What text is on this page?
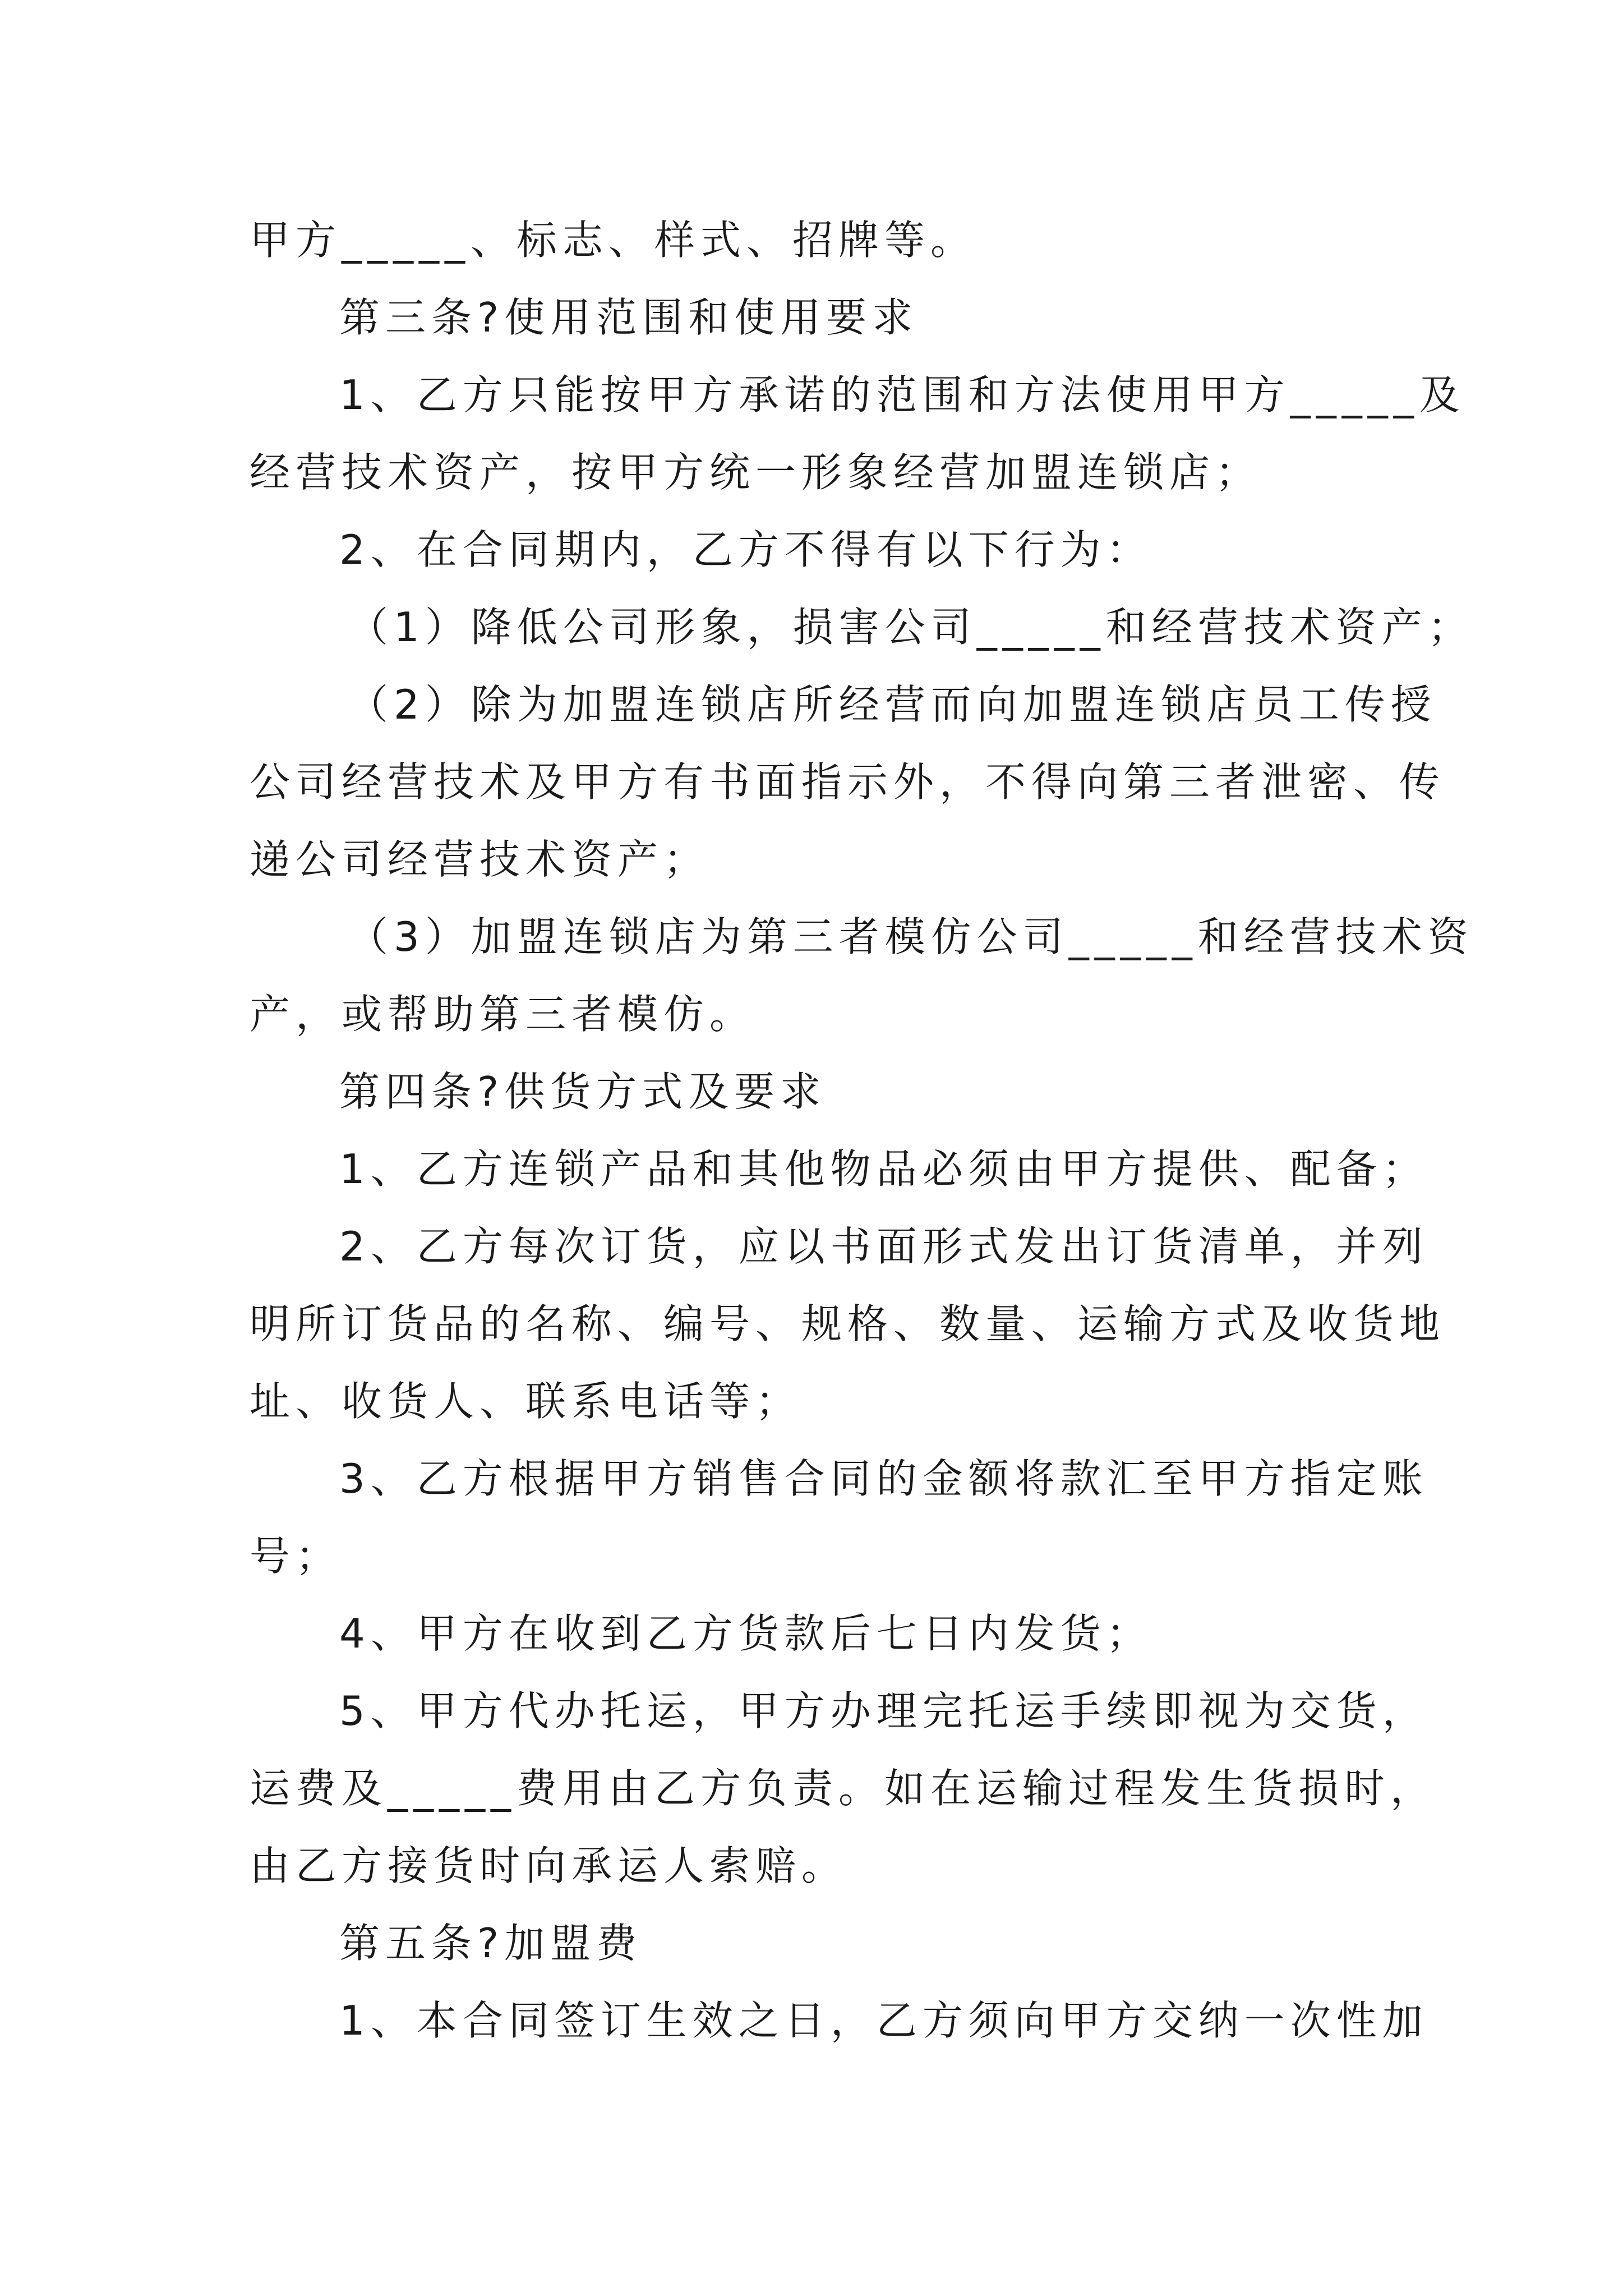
甲方_____、标志、样式、招牌等。
第三条?使用范围和使用要求
1、乙方只能按甲方承诺的范围和方法使用甲方_____及
经营技术资产，按甲方统一形象经营加盟连锁店；
2、在合同期内，乙方不得有以下行为：
（1）降低公司形象，损害公司_____和经营技术资产；
（2）除为加盟连锁店所经营而向加盟连锁店员工传授
公司经营技术及甲方有书面指示外，不得向第三者泄密、传
递公司经营技术资产；
（3）加盟连锁店为第三者模仿公司_____和经营技术资
产，或帮助第三者模仿。
第四条?供货方式及要求
1、乙方连锁产品和其他物品必须由甲方提供、配备；
2、乙方每次订货，应以书面形式发出订货清单，并列
明所订货品的名称、编号、规格、数量、运输方式及收货地
址、收货人、联系电话等；
3、乙方根据甲方销售合同的金额将款汇至甲方指定账
号；
4、甲方在收到乙方货款后七日内发货；
5、甲方代办托运，甲方办理完托运手续即视为交货，
运费及_____费用由乙方负责。如在运输过程发生货损时，
由乙方接货时向承运人索赔。
第五条?加盟费
1、本合同签订生效之日，乙方须向甲方交纳一次性加
